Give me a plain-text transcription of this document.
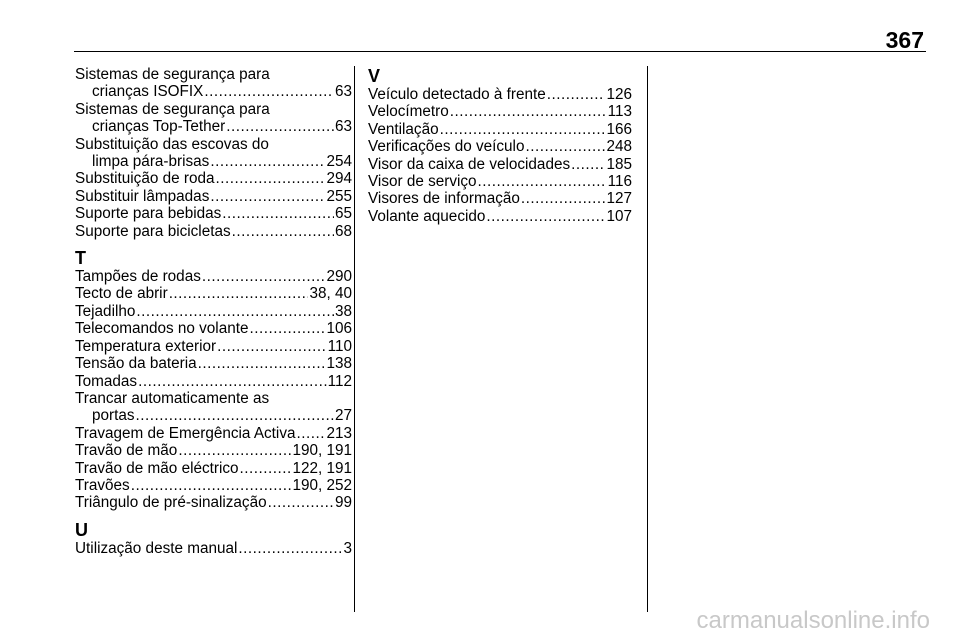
367
Sistemas de segurança para
crianças ISOFIX .....	63
Sistemas de segurança para
crianças Top-Tether .....	63
Substituição das escovas do
limpa pára-brisas .....	254
Substituição de roda .....	294
Substituir lâmpadas .....	255
Suporte para bebidas .....	65
Suporte para bicicletas .....	68
T
Tampões de rodas .....	290
Tecto de abrir .....	38, 40
Tejadilho .....	38
Telecomandos no volante .....	106
Temperatura exterior .....	110
Tensão da bateria .....	138
Tomadas .....	112
Trancar automaticamente as
portas .....	27
Travagem de Emergência Activa ..... 213
Travão de mão .....	190, 191
Travão de mão eléctrico .....	122, 191
Travões .....	190, 252
Triângulo de pré-sinalização .....	99
U
Utilização deste manual .....	3
V
Veículo detectado à frente .....	126
Velocímetro .....	113
Ventilação .....	166
Verificações do veículo .....	248
Visor da caixa de velocidades ..... 185
Visor de serviço .....	116
Visores de informação .....	127
Volante aquecido .....	107
carmanualsonline.info
